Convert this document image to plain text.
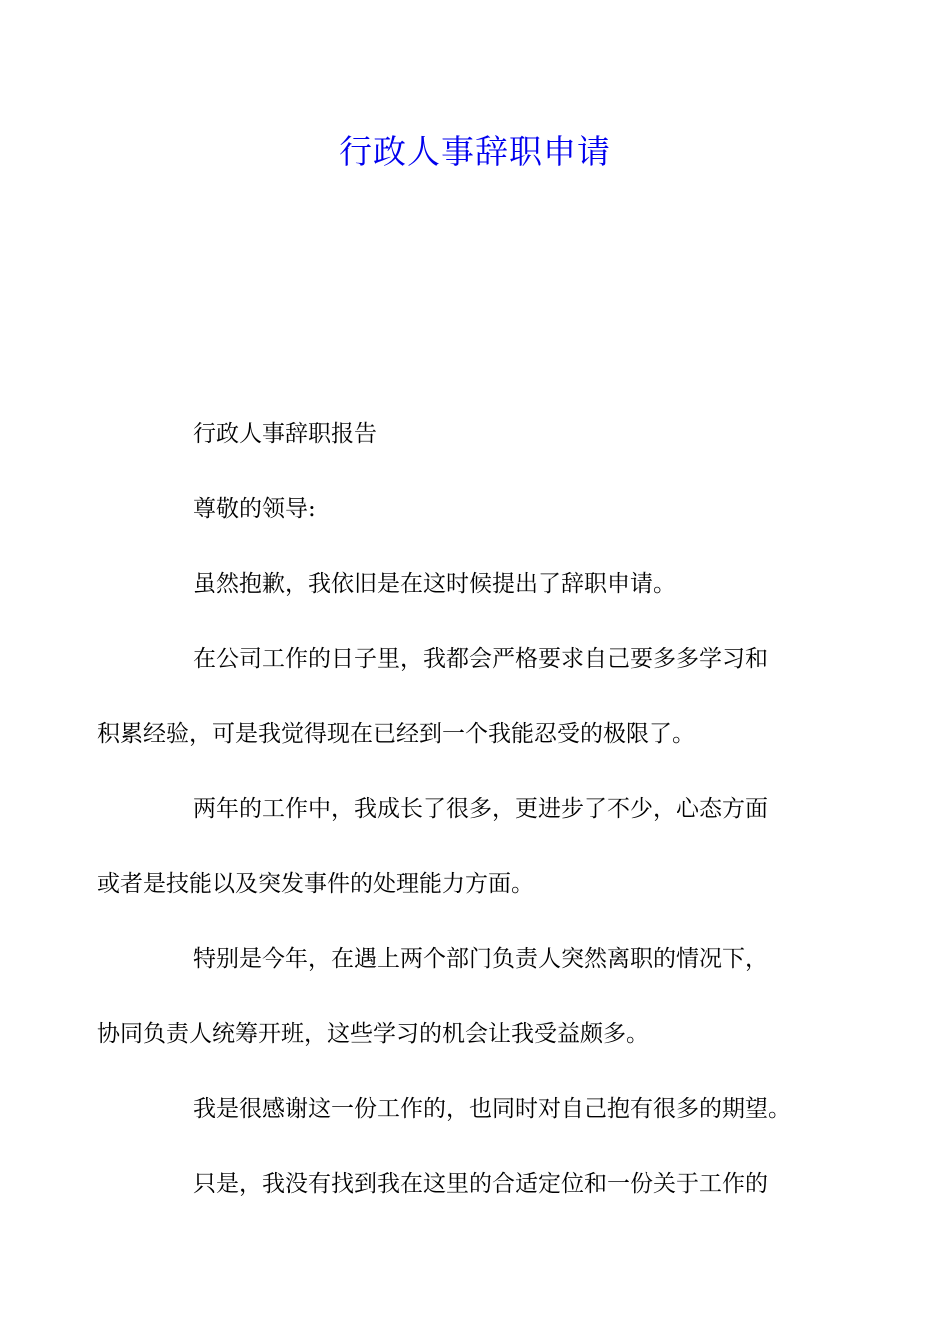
行政人事辞职申请

行政人事辞职报告

尊敬的领导:

虽然抱歉，我依旧是在这时候提出了辞职申请。

在公司工作的日子里，我都会严格要求自己要多多学习和
积累经验，可是我觉得现在已经到一个我能忍受的极限了。

两年的工作中，我成长了很多，更进步了不少，心态方面
或者是技能以及突发事件的处理能力方面。

特别是今年，在遇上两个部门负责人突然离职的情况下，
协同负责人统筹开班，这些学习的机会让我受益颇多。

我是很感谢这一份工作的，也同时对自己抱有很多的期望。

只是，我没有找到我在这里的合适定位和一份关于工作的
